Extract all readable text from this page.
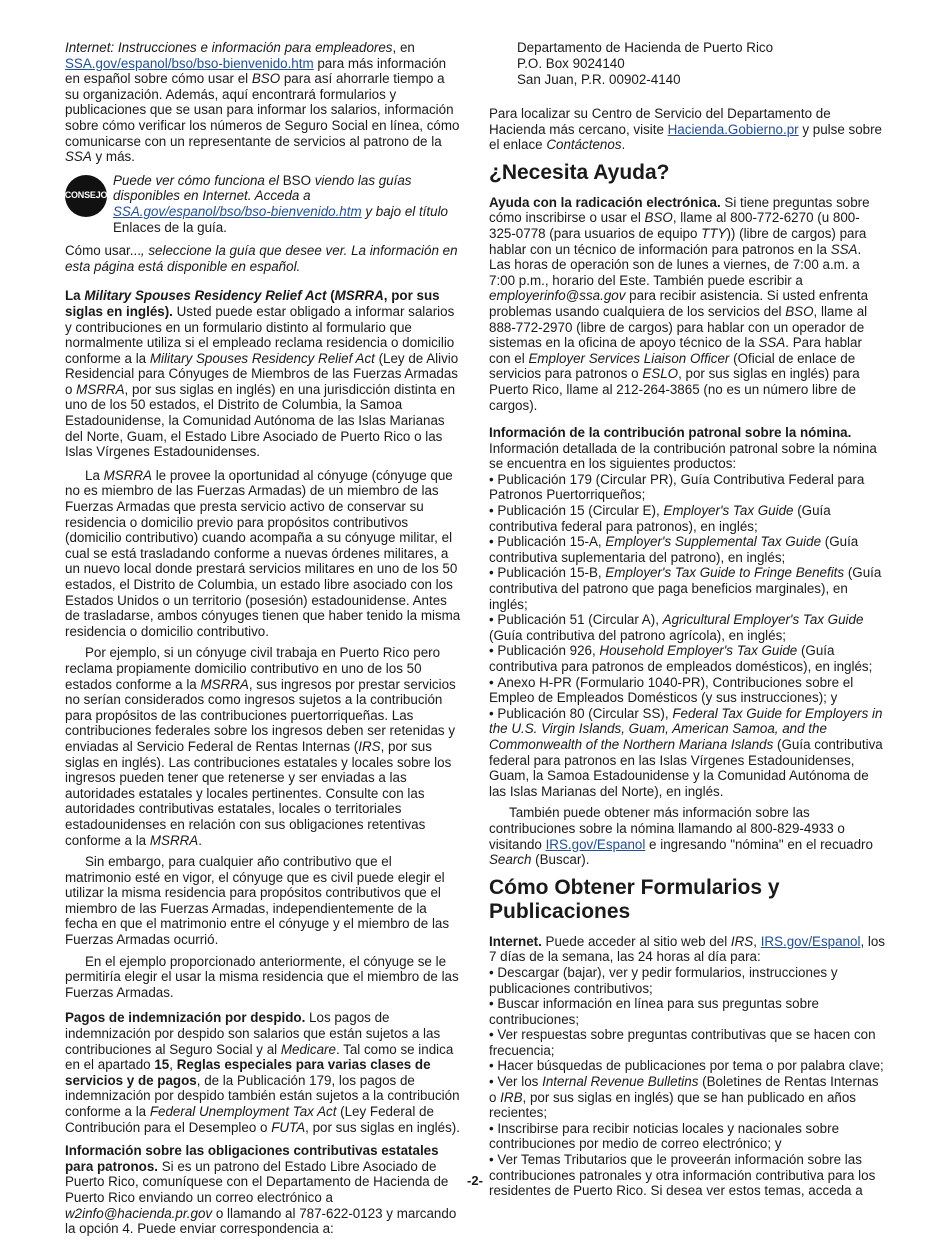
Internet: Instrucciones e información para empleadores, en SSA.gov/espanol/bso/bso-bienvenido.htm para más información en español sobre cómo usar el BSO para así ahorrarle tiempo a su organización. Además, aquí encontrará formularios y publicaciones que se usan para informar los salarios, información sobre cómo verificar los números de Seguro Social en línea, cómo comunicarse con un representante de servicios al patrono de la SSA y más.

CONSEJO
Puede ver cómo funciona el BSO viendo las guías disponibles en Internet. Acceda a SSA.gov/espanol/bso/bso-bienvenido.htm y bajo el título Enlaces de la guía.

Cómo usar..., seleccione la guía que desee ver. La información en esta página está disponible en español.

La Military Spouses Residency Relief Act (MSRRA, por sus siglas en inglés). Usted puede estar obligado a informar salarios y contribuciones en un formulario distinto al formulario que normalmente utiliza si el empleado reclama residencia o domicilio conforme a la Military Spouses Residency Relief Act (Ley de Alivio Residencial para Cónyuges de Miembros de las Fuerzas Armadas o MSRRA, por sus siglas en inglés) en una jurisdicción distinta en uno de los 50 estados, el Distrito de Columbia, la Samoa Estadounidense, la Comunidad Autónoma de las Islas Marianas del Norte, Guam, el Estado Libre Asociado de Puerto Rico o las Islas Vírgenes Estadounidenses.

La MSRRA le provee la oportunidad al cónyuge (cónyuge que no es miembro de las Fuerzas Armadas) de un miembro de las Fuerzas Armadas que presta servicio activo de conservar su residencia o domicilio previo para propósitos contributivos (domicilio contributivo) cuando acompaña a su cónyuge militar, el cual se está trasladando conforme a nuevas órdenes militares, a un nuevo local donde prestará servicios militares en uno de los 50 estados, el Distrito de Columbia, un estado libre asociado con los Estados Unidos o un territorio (posesión) estadounidense. Antes de trasladarse, ambos cónyuges tienen que haber tenido la misma residencia o domicilio contributivo.

Por ejemplo, si un cónyuge civil trabaja en Puerto Rico pero reclama propiamente domicilio contributivo en uno de los 50 estados conforme a la MSRRA, sus ingresos por prestar servicios no serían considerados como ingresos sujetos a la contribución para propósitos de las contribuciones puertorriqueñas. Las contribuciones federales sobre los ingresos deben ser retenidas y enviadas al Servicio Federal de Rentas Internas (IRS, por sus siglas en inglés). Las contribuciones estatales y locales sobre los ingresos pueden tener que retenerse y ser enviadas a las autoridades estatales y locales pertinentes. Consulte con las autoridades contributivas estatales, locales o territoriales estadounidenses en relación con sus obligaciones retentivas conforme a la MSRRA.

Sin embargo, para cualquier año contributivo que el matrimonio esté en vigor, el cónyuge que es civil puede elegir el utilizar la misma residencia para propósitos contributivos que el miembro de las Fuerzas Armadas, independientemente de la fecha en que el matrimonio entre el cónyuge y el miembro de las Fuerzas Armadas ocurrió.

En el ejemplo proporcionado anteriormente, el cónyuge se le permitiría elegir el usar la misma residencia que el miembro de las Fuerzas Armadas.

Pagos de indemnización por despido. Los pagos de indemnización por despido son salarios que están sujetos a las contribuciones al Seguro Social y al Medicare. Tal como se indica en el apartado 15, Reglas especiales para varias clases de servicios y de pagos, de la Publicación 179, los pagos de indemnización por despido también están sujetos a la contribución conforme a la Federal Unemployment Tax Act (Ley Federal de Contribución para el Desempleo o FUTA, por sus siglas en inglés).

Información sobre las obligaciones contributivas estatales para patronos. Si es un patrono del Estado Libre Asociado de Puerto Rico, comuníquese con el Departamento de Hacienda de Puerto Rico enviando un correo electrónico a w2info@hacienda.pr.gov o llamando al 787-622-0123 y marcando la opción 4. Puede enviar correspondencia a:

Departamento de Hacienda de Puerto Rico
P.O. Box 9024140
San Juan, P.R. 00902-4140

Para localizar su Centro de Servicio del Departamento de Hacienda más cercano, visite Hacienda.Gobierno.pr y pulse sobre el enlace Contáctenos.

¿Necesita Ayuda?

Ayuda con la radicación electrónica. Si tiene preguntas sobre cómo inscribirse o usar el BSO, llame al 800-772-6270 (u 800-325-0778 (para usuarios de equipo TTY)) (libre de cargos) para hablar con un técnico de información para patronos en la SSA. Las horas de operación son de lunes a viernes, de 7:00 a.m. a 7:00 p.m., horario del Este. También puede escribir a employerinfo@ssa.gov para recibir asistencia. Si usted enfrenta problemas usando cualquiera de los servicios del BSO, llame al 888-772-2970 (libre de cargos) para hablar con un operador de sistemas en la oficina de apoyo técnico de la SSA. Para hablar con el Employer Services Liaison Officer (Oficial de enlace de servicios para patronos o ESLO, por sus siglas en inglés) para Puerto Rico, llame al 212-264-3865 (no es un número libre de cargos).

Información de la contribución patronal sobre la nómina.
Información detallada de la contribución patronal sobre la nómina se encuentra en los siguientes productos:

• Publicación 179 (Circular PR), Guía Contributiva Federal para Patronos Puertorriqueños;
• Publicación 15 (Circular E), Employer's Tax Guide (Guía contributiva federal para patronos), en inglés;
• Publicación 15-A, Employer's Supplemental Tax Guide (Guía contributiva suplementaria del patrono), en inglés;
• Publicación 15-B, Employer's Tax Guide to Fringe Benefits (Guía contributiva del patrono que paga beneficios marginales), en inglés;
• Publicación 51 (Circular A), Agricultural Employer's Tax Guide (Guía contributiva del patrono agrícola), en inglés;
• Publicación 926, Household Employer's Tax Guide (Guía contributiva para patronos de empleados domésticos), en inglés;
• Anexo H-PR (Formulario 1040-PR), Contribuciones sobre el Empleo de Empleados Domésticos (y sus instrucciones); y
• Publicación 80 (Circular SS), Federal Tax Guide for Employers in the U.S. Virgin Islands, Guam, American Samoa, and the Commonwealth of the Northern Mariana Islands (Guía contributiva federal para patronos en las Islas Vírgenes Estadounidenses, Guam, la Samoa Estadounidense y la Comunidad Autónoma de las Islas Marianas del Norte), en inglés.

También puede obtener más información sobre las contribuciones sobre la nómina llamando al 800-829-4933 o visitando IRS.gov/Espanol e ingresando "nómina" en el recuadro Search (Buscar).

Cómo Obtener Formularios y Publicaciones

Internet. Puede acceder al sitio web del IRS, IRS.gov/Espanol, los 7 días de la semana, las 24 horas al día para:

• Descargar (bajar), ver y pedir formularios, instrucciones y publicaciones contributivos;
• Buscar información en línea para sus preguntas sobre contribuciones;
• Ver respuestas sobre preguntas contributivas que se hacen con frecuencia;
• Hacer búsquedas de publicaciones por tema o por palabra clave;
• Ver los Internal Revenue Bulletins (Boletines de Rentas Internas o IRB, por sus siglas en inglés) que se han publicado en años recientes;
• Inscribirse para recibir noticias locales y nacionales sobre contribuciones por medio de correo electrónico; y
• Ver Temas Tributarios que le proveerán información sobre las contribuciones patronales y otra información contributiva para los residentes de Puerto Rico. Si desea ver estos temas, acceda a
-2-
